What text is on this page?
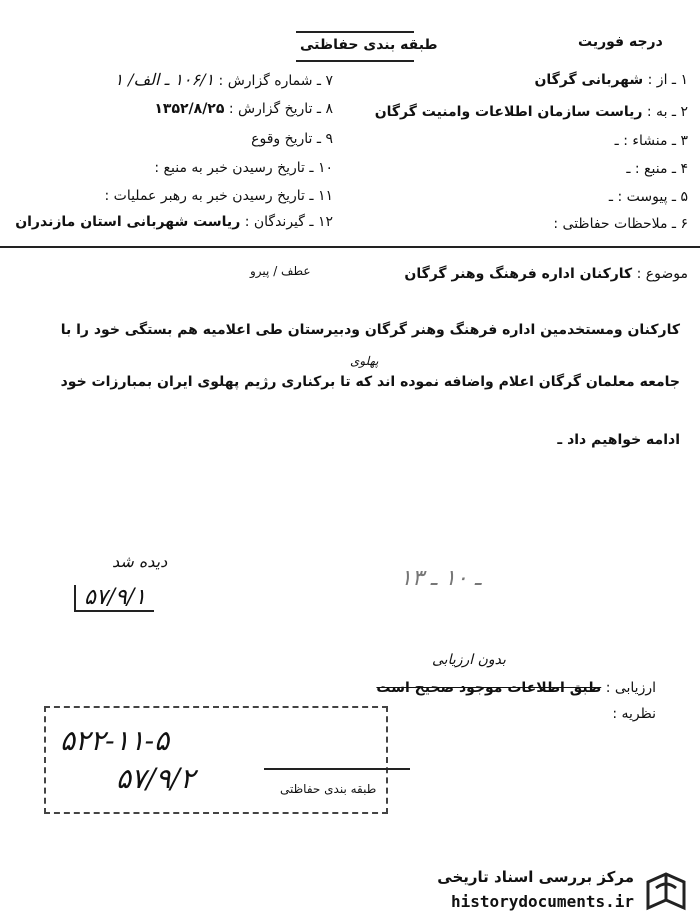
درجه فوریت
طبقه بندی حفاظتی
۱ ـ از : شهربانی گرگان
۲ ـ به : ریاست سازمان اطلاعات وامنیت گرگان
۳ ـ منشاء : ـ
۴ ـ منبع : ـ
۵ ـ پیوست : ـ
۶ ـ ملاحظات حفاظتی :
۷ ـ شماره گزارش : ۱۰۶/۱ ـ الف/ ۱
۸ ـ تاریخ گزارش : ۱۳۵۲/۸/۲۵
۹ ـ تاریخ وقوع
۱۰ ـ تاریخ رسیدن خبر به منبع :
۱۱ ـ تاریخ رسیدن خبر به رهبر عملیات :
۱۲ ـ گیرندگان : ریاست شهربانی استان مازندران
عطف / پیرو	موضوع : کارکنان اداره فرهنگ وهنر گرگان
کارکنان ومستخدمین اداره فرهنگ وهنر گرگان ودبیرستان طی اعلامیه هم بستگی خود را با
پهلوی
جامعه معلمان گرگان اعلام واضافه نموده اند که تا برکناری رژیم پهلوی ایران بمبارزات خود
ادامه خواهیم داد ـ
دیده شد
۵۷/۹/۱
۱۳ ـ ۱۰ ـ
بدون ارزیابی
ارزیابی : طبق اطلاعات موجود صحیح است
نظریه :
۵۲۲-۱۱-۵
۵۷/۹/۲	طبقه بندی حفاظتی
مرکز بررسی اسناد تاریخی
historydocuments.ir
